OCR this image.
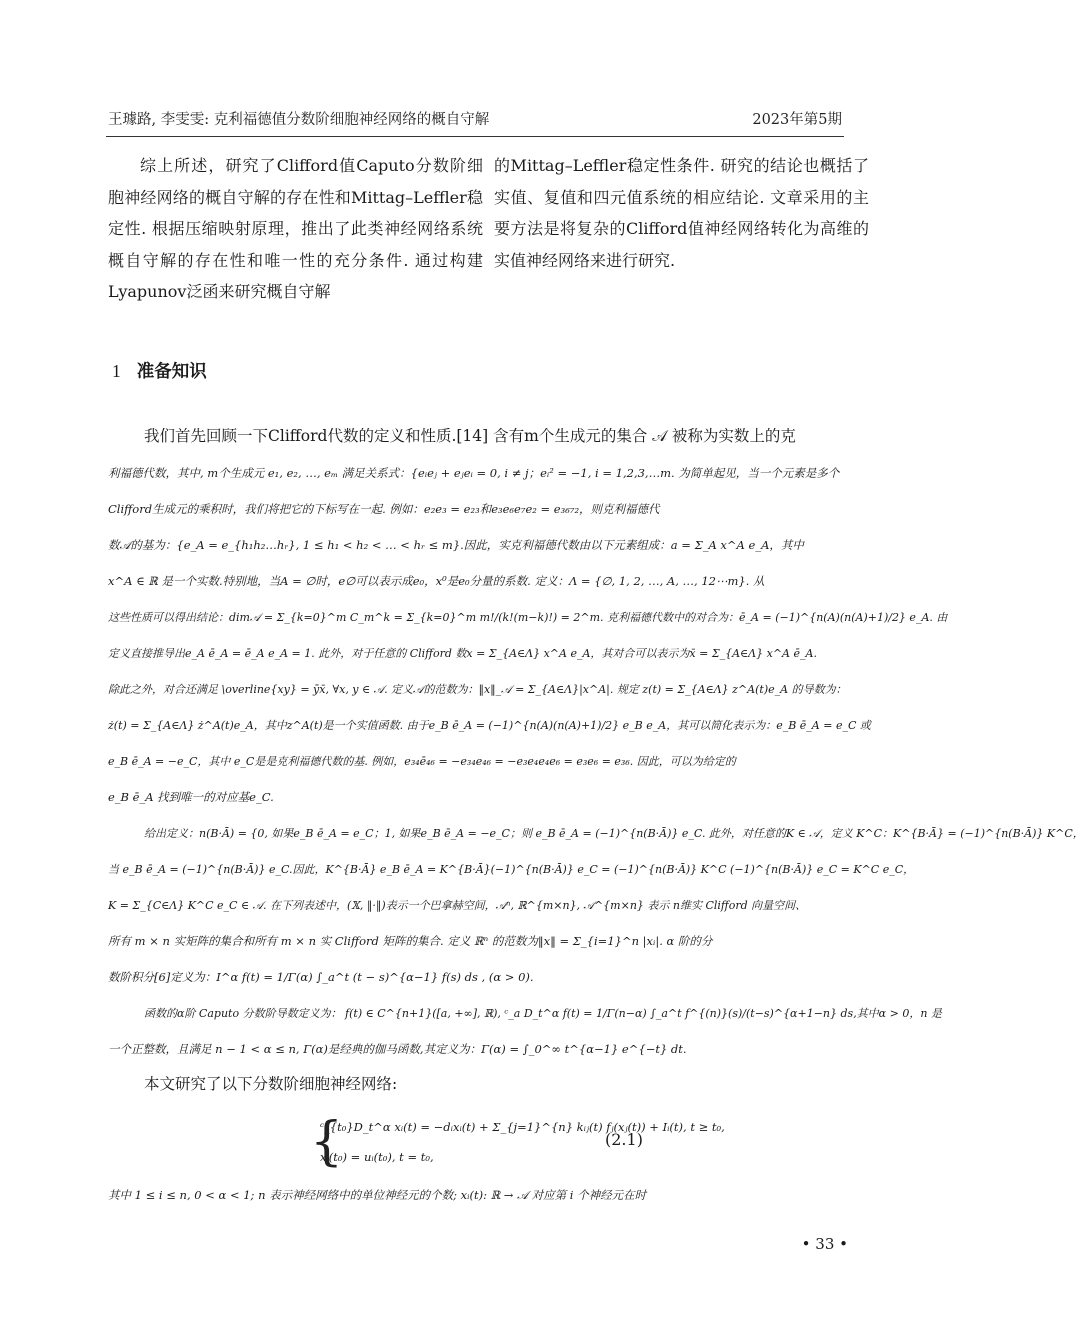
王璩路, 李雯雯: 克利福德值分数阶细胞神经网络的概自守解	2023年第5期

综上所述，研究了Clifford值Caputo分数阶细胞神经网络的概自守解的存在性和Mittag–Leffler稳定性. 根据压缩映射原理，推出了此类神经网络系统概自守解的存在性和唯一性的充分条件. 通过构建Lyapunov泛函来研究概自守解

的Mittag–Leffler稳定性条件. 研究的结论也概括了实值、复值和四元值系统的相应结论. 文章采用的主要方法是将复杂的Clifford值神经网络转化为高维的实值神经网络来进行研究.

1 准备知识

我们首先回顾一下Clifford代数的定义和性质.[14] 含有m个生成元的集合 𝒜 被称为实数上的克

利福德代数，其中, m个生成元 e₁, e₂, …, eₘ 满足关系式：{eᵢeⱼ + eⱼeᵢ = 0, i ≠ j；eᵢ² = −1, i = 1,2,3,…m. 为简单起见，当一个元素是多个

Clifford生成元的乘积时，我们将把它的下标写在一起. 例如：e₂e₃ = e₂₃和e₃e₆e₇e₂ = e₃₆₇₂，则克利福德代

数𝒜的基为：{e_A = e_{h₁h₂…hᵣ}, 1 ≤ h₁ < h₂ < … < hᵣ ≤ m}.因此，实克利福德代数由以下元素组成：a = Σ_A x^A e_A，其中

x^A ∈ ℝ 是一个实数.特别地，当A = ∅时，e∅可以表示成e₀，x⁰是e₀分量的系数. 定义：Λ = {∅, 1, 2, …, A, …, 12⋯m}. 从

这些性质可以得出结论：dim𝒜 = Σ_{k=0}^m C_m^k = Σ_{k=0}^m m!/(k!(m−k)!) = 2^m. 克利福德代数中的对合为：ē_A = (−1)^{n(A)(n(A)+1)/2} e_A. 由

定义直接推导出e_A ē_A = ē_A e_A = 1. 此外，对于任意的 Clifford 数x = Σ_{A∈Λ} x^A e_A，其对合可以表示为x̄ = Σ_{A∈Λ} x^A ē_A.

除此之外，对合还满足 \overline{xy} = ȳx̄, ∀x, y ∈ 𝒜. 定义𝒜的范数为：‖x‖_𝒜 = Σ_{A∈Λ}|x^A|. 规定 z(t) = Σ_{A∈Λ} z^A(t)e_A 的导数为：

ż(t) = Σ_{A∈Λ} ż^A(t)e_A，其中z^A(t)是一个实值函数. 由于e_B ē_A = (−1)^{n(A)(n(A)+1)/2} e_B e_A，其可以简化表示为：e_B ē_A = e_C 或

e_B ē_A = −e_C，其中 e_C是是克利福德代数的基. 例如，e₃₄ē₄₆ = −e₃₄e₄₆ = −e₃e₄e₄e₆ = e₃e₆ = e₃₆. 因此，可以为给定的

e_B ē_A 找到唯一的对应基e_C.

给出定义：n(B·Ā) = {0, 如果e_B ē_A = e_C；1, 如果e_B ē_A = −e_C；则 e_B ē_A = (−1)^{n(B·Ā)} e_C. 此外，对任意的K ∈ 𝒜，定义 K^C：K^{B·Ā} = (−1)^{n(B·Ā)} K^C，

当 e_B ē_A = (−1)^{n(B·Ā)} e_C.因此，K^{B·Ā} e_B ē_A = K^{B·Ā}(−1)^{n(B·Ā)} e_C = (−1)^{n(B·Ā)} K^C (−1)^{n(B·Ā)} e_C = K^C e_C，

K = Σ_{C∈Λ} K^C e_C ∈ 𝒜. 在下列表述中，(𝕏, ‖·‖)表示一个巴拿赫空间，𝒜ⁿ, ℝ^{m×n}, 𝒜^{m×n} 表示 n维实 Clifford 向量空间、

所有 m × n 实矩阵的集合和所有 m × n 实 Clifford 矩阵的集合. 定义 ℝⁿ 的范数为‖x‖ = Σ_{i=1}^n |xᵢ|. α 阶的分

数阶积分[6]定义为：I^α f(t) = 1/Γ(α) ∫_a^t (t − s)^{α−1} f(s) ds , (α > 0).

函数的α阶 Caputo 分数阶导数定义为： f(t) ∈ C^{n+1}([a, +∞], ℝ), ᶜ_a D_t^α f(t) = 1/Γ(n−α) ∫_a^t f^{(n)}(s)/(t−s)^{α+1−n} ds,其中α > 0，n 是

一个正整数，且满足 n − 1 < α ≤ n, Γ(α)是经典的伽马函数,其定义为：Γ(α) = ∫_0^∞ t^{α−1} e^{−t} dt.

本文研究了以下分数阶细胞神经网络:

{
ᶜ_{t₀}D_t^α xᵢ(t) = −dᵢxᵢ(t) + Σ_{j=1}^{n} kᵢⱼ(t) fⱼ(xⱼ(t)) + Iᵢ(t), t ≥ t₀,
xᵢ(t₀) = uᵢ(t₀), t = t₀,
(2.1)
其中 1 ≤ i ≤ n, 0 < α < 1; n 表示神经网络中的单位神经元的个数; xᵢ(t): ℝ → 𝒜 对应第 i 个神经元在时
• 33 •
